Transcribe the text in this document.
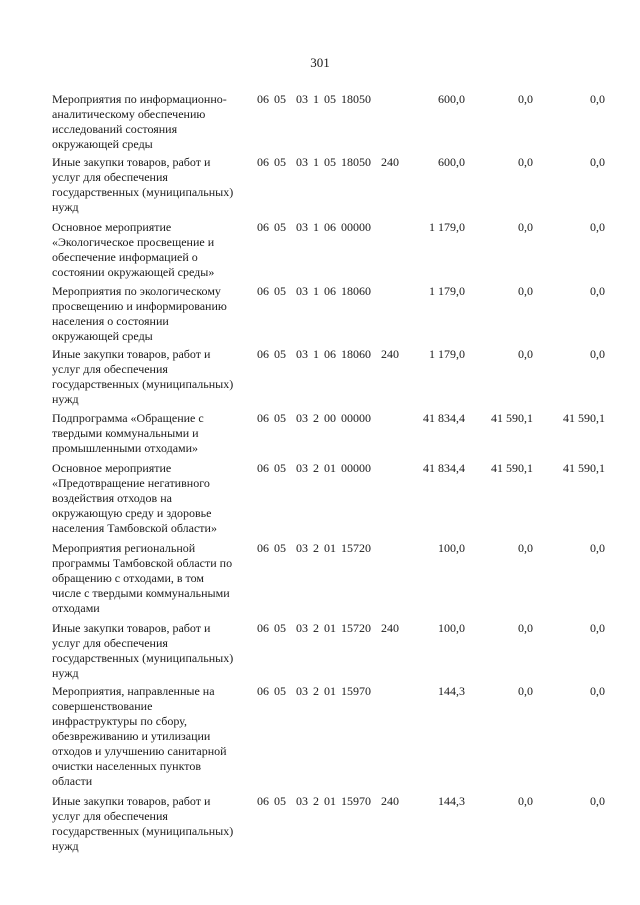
301
Мероприятия по информационно-
аналитическому обеспечению
исследований состояния
окружающей среды
06 05  03 1 05 18050	600,0	0,0	0,0
Иные закупки товаров, работ и
услуг для обеспечения
государственных (муниципальных)
нужд
06 05  03 1 05 18050  240	600,0	0,0	0,0
Основное мероприятие
«Экологическое просвещение и
обеспечение информацией о
состоянии окружающей среды»
06 05  03 1 06 00000	1 179,0	0,0	0,0
Мероприятия по экологическому
просвещению и информированию
населения о состоянии
окружающей среды
06 05  03 1 06 18060	1 179,0	0,0	0,0
Иные закупки товаров, работ и
услуг для обеспечения
государственных (муниципальных)
нужд
06 05  03 1 06 18060  240	1 179,0	0,0	0,0
Подпрограмма «Обращение с
твердыми коммунальными и
промышленными отходами»
06 05  03 2 00 00000	41 834,4	41 590,1	41 590,1
Основное мероприятие
«Предотвращение негативного
воздействия отходов на
окружающую среду и здоровье
населения Тамбовской области»
06 05  03 2 01 00000	41 834,4	41 590,1	41 590,1
Мероприятия региональной
программы Тамбовской области по
обращению с отходами, в том
числе с твердыми коммунальными
отходами
06 05  03 2 01 15720	100,0	0,0	0,0
Иные закупки товаров, работ и
услуг для обеспечения
государственных (муниципальных)
нужд
06 05  03 2 01 15720  240	100,0	0,0	0,0
Мероприятия, направленные на
совершенствование
инфраструктуры по сбору,
обезвреживанию и утилизации
отходов и улучшению санитарной
очистки населенных пунктов
области
06 05  03 2 01 15970	144,3	0,0	0,0
Иные закупки товаров, работ и
услуг для обеспечения
государственных (муниципальных)
нужд
06 05  03 2 01 15970  240	144,3	0,0	0,0
